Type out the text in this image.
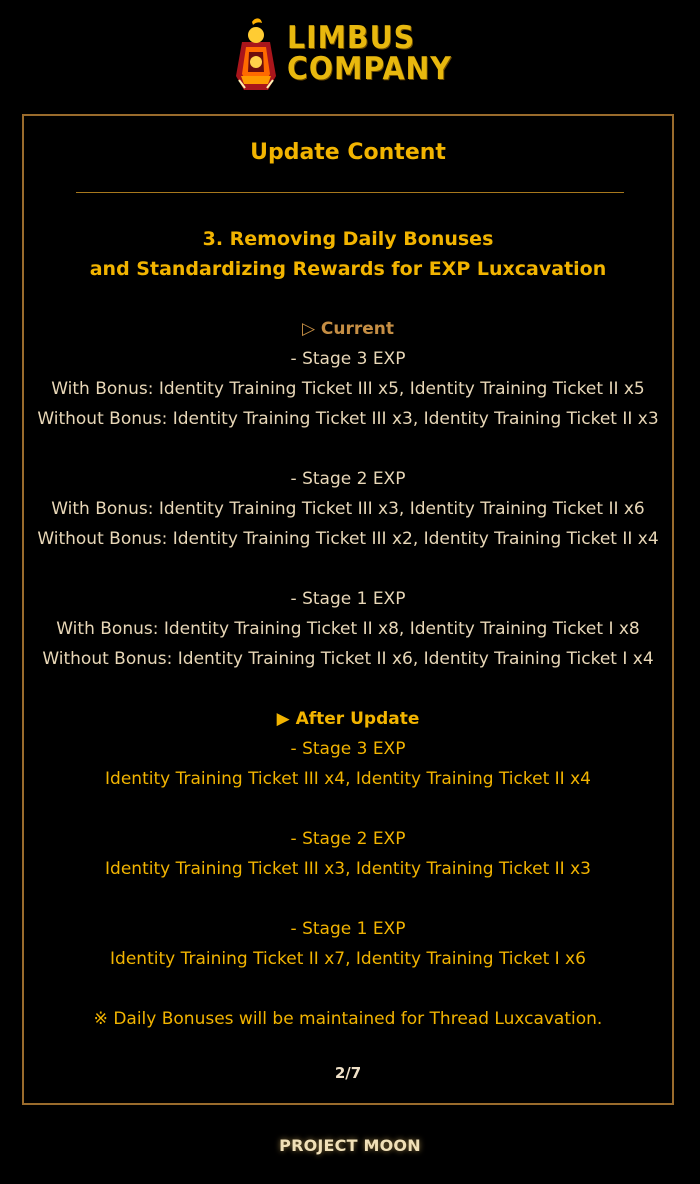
LIMBUS
COMPANY
Update Content
3. Removing Daily Bonuses
and Standardizing Rewards for EXP Luxcavation
▷ Current
- Stage 3 EXP
With Bonus: Identity Training Ticket III x5, Identity Training Ticket II x5
Without Bonus: Identity Training Ticket III x3, Identity Training Ticket II x3
- Stage 2 EXP
With Bonus: Identity Training Ticket III x3, Identity Training Ticket II x6
Without Bonus: Identity Training Ticket III x2, Identity Training Ticket II x4
- Stage 1 EXP
With Bonus: Identity Training Ticket II x8, Identity Training Ticket I x8
Without Bonus: Identity Training Ticket II x6, Identity Training Ticket I x4
▶ After Update
- Stage 3 EXP
Identity Training Ticket III x4, Identity Training Ticket II x4
- Stage 2 EXP
Identity Training Ticket III x3, Identity Training Ticket II x3
- Stage 1 EXP
Identity Training Ticket II x7, Identity Training Ticket I x6
※ Daily Bonuses will be maintained for Thread Luxcavation.
2/7
PROJECT MOON
